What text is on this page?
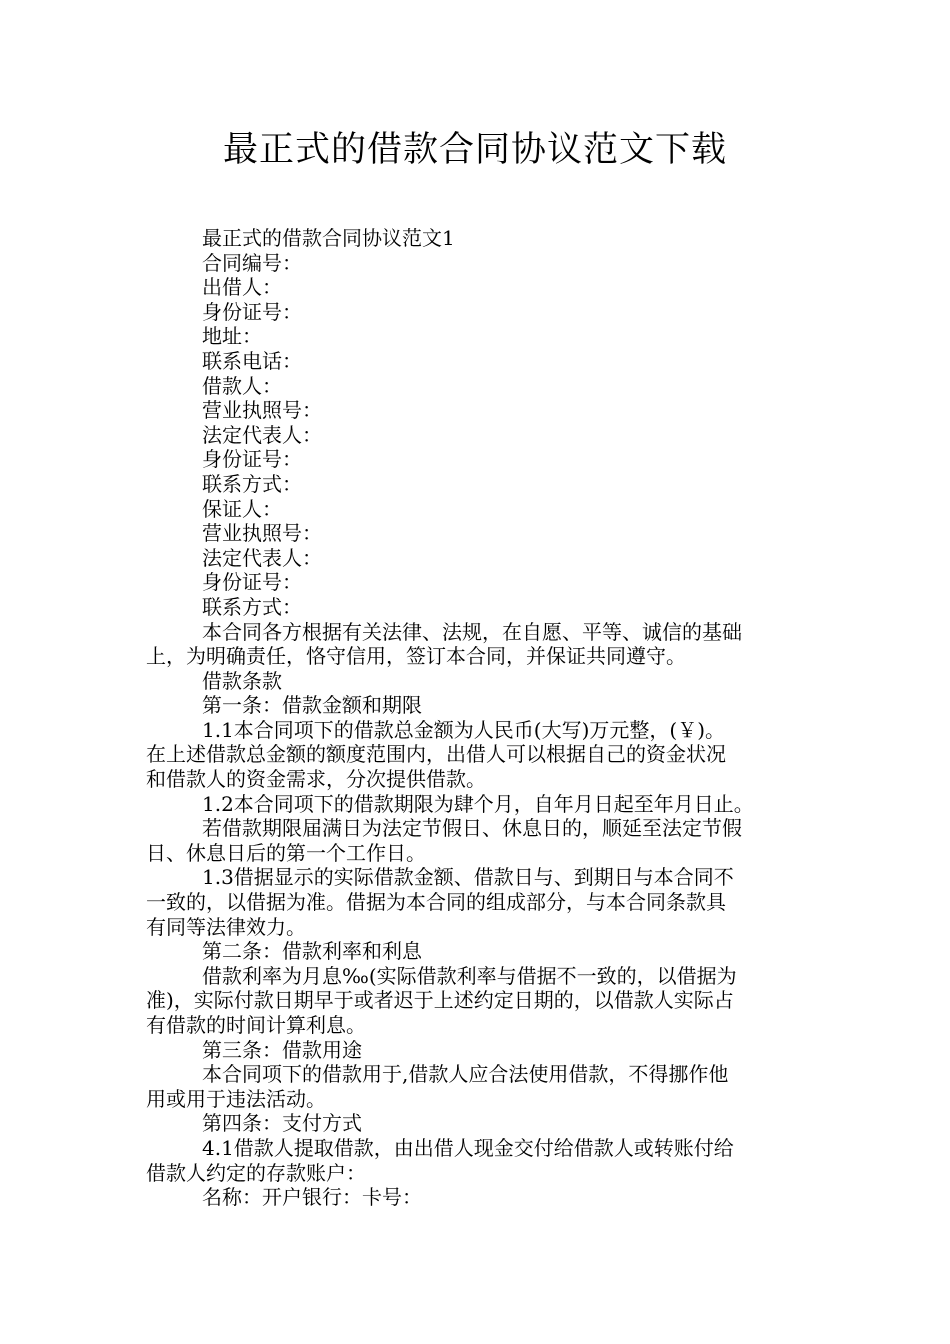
最正式的借款合同协议范文下载
最正式的借款合同协议范文1
合同编号：
出借人：
身份证号：
地址：
联系电话：
借款人：
营业执照号：
法定代表人：
身份证号：
联系方式：
保证人：
营业执照号：
法定代表人：
身份证号：
联系方式：
本合同各方根据有关法律、法规，在自愿、平等、诚信的基础
上，为明确责任，恪守信用，签订本合同，并保证共同遵守。
借款条款
第一条：借款金额和期限
1.1本合同项下的借款总金额为人民币(大写)万元整，(￥)。
在上述借款总金额的额度范围内，出借人可以根据自己的资金状况
和借款人的资金需求，分次提供借款。
1.2本合同项下的借款期限为肆个月，自年月日起至年月日止。
若借款期限届满日为法定节假日、休息日的，顺延至法定节假
日、休息日后的第一个工作日。
1.3借据显示的实际借款金额、借款日与、到期日与本合同不
一致的，以借据为准。借据为本合同的组成部分，与本合同条款具
有同等法律效力。
第二条：借款利率和利息
借款利率为月息‰(实际借款利率与借据不一致的，以借据为
准)，实际付款日期早于或者迟于上述约定日期的，以借款人实际占
有借款的时间计算利息。
第三条：借款用途
本合同项下的借款用于,借款人应合法使用借款，不得挪作他
用或用于违法活动。
第四条：支付方式
4.1借款人提取借款，由出借人现金交付给借款人或转账付给
借款人约定的存款账户：
名称：开户银行：卡号：
